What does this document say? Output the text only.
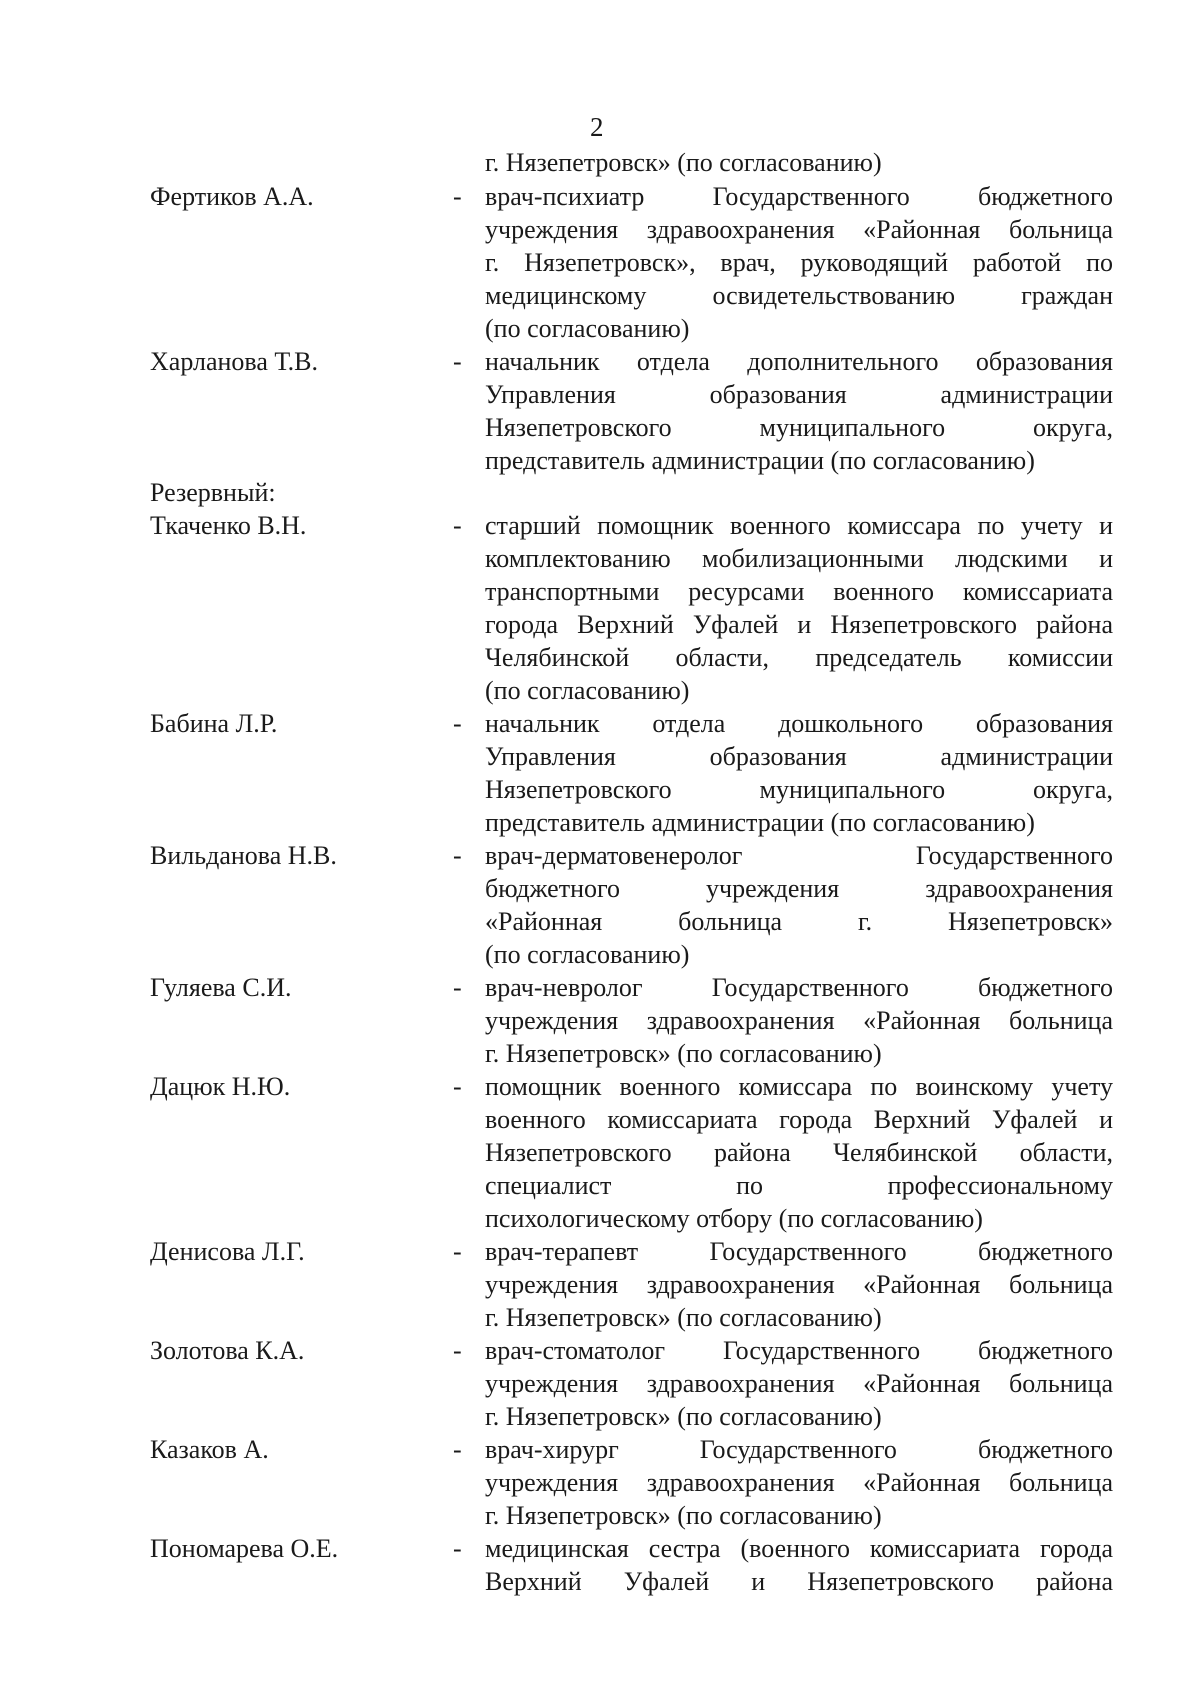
2
г. Нязепетровск» (по согласованию)
Фертиков А.А.	- врач-психиатр Государственного бюджетного
учреждения здравоохранения «Районная больница
г. Нязепетровск», врач, руководящий работой по
медицинскому освидетельствованию граждан
(по согласованию)
Харланова Т.В.	- начальник отдела дополнительного образования
Управления образования администрации
Нязепетровского муниципального округа,
представитель администрации (по согласованию)
Резервный:
Ткаченко В.Н.	- старший помощник военного комиссара по учету и
комплектованию мобилизационными людскими и
транспортными ресурсами военного комиссариата
города Верхний Уфалей и Нязепетровского района
Челябинской области, председатель комиссии
(по согласованию)
Бабина Л.Р.	- начальник отдела дошкольного образования
Управления образования администрации
Нязепетровского муниципального округа,
представитель администрации (по согласованию)
Вильданова Н.В.	- врач-дерматовенеролог Государственного
бюджетного учреждения здравоохранения
«Районная больница г. Нязепетровск»
(по согласованию)
Гуляева С.И.	- врач-невролог Государственного бюджетного
учреждения здравоохранения «Районная больница
г. Нязепетровск» (по согласованию)
Дацюк Н.Ю.	- помощник военного комиссара по воинскому учету
военного комиссариата города Верхний Уфалей и
Нязепетровского района Челябинской области,
специалист по профессиональному
психологическому отбору (по согласованию)
Денисова Л.Г.	- врач-терапевт Государственного бюджетного
учреждения здравоохранения «Районная больница
г. Нязепетровск» (по согласованию)
Золотова К.А.	- врач-стоматолог Государственного бюджетного
учреждения здравоохранения «Районная больница
г. Нязепетровск» (по согласованию)
Казаков А.	- врач-хирург Государственного бюджетного
учреждения здравоохранения «Районная больница
г. Нязепетровск» (по согласованию)
Пономарева О.Е.	- медицинская сестра (военного комиссариата города
Верхний Уфалей и Нязепетровского района
